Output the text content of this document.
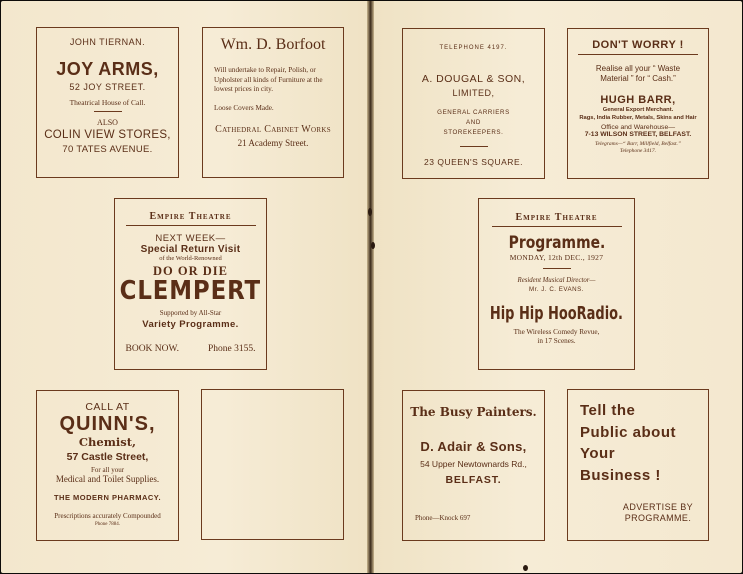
JOHN TIERNAN.
JOY ARMS,
52 JOY STREET.
Theatrical House of Call.
ALSO
COLIN VIEW STORES,
70 TATES AVENUE.
Wm. D. Borfoot
Will undertake to Repair, Polish, or Upholster all kinds of Furniture at the lowest prices in city.
Loose Covers Made.
Cathedral Cabinet Works
21 Academy Street.
TELEPHONE 4197.
A. DOUGAL & SON,
LIMITED,
GENERAL CARRIERS
AND
STOREKEEPERS.
23 QUEEN'S SQUARE.
DON'T WORRY !
Realise all your “ Waste
Material ” for “ Cash.”
HUGH BARR,
General Export Merchant.
Rags, India Rubber, Metals, Skins and Hair
Office and Warehouse—
7-13 WILSON STREET, BELFAST.
Telegrams—“ Barr, Millfield, Belfast.”
Telephone 3417.
Empire Theatre
NEXT WEEK—
Special Return Visit
of the World-Renowned
DO OR DIE
CLEMPERT
Supported by All-Star
Variety Programme.
BOOK NOW.	Phone 3155.
Empire Theatre
Programme.
MONDAY, 12th DEC., 1927
Resident Musical Director—
Mr. J. C. EVANS.
Hip Hip HooRadio.
The Wireless Comedy Revue,
in 17 Scenes.
CALL AT
QUINN'S,
Chemist,
57 Castle Street,
For all your
Medical and Toilet Supplies.
THE MODERN PHARMACY.
Prescriptions accurately Compounded
Phone 7884.
The Busy Painters.
D. Adair & Sons,
54 Upper Newtownards Rd.,
BELFAST.
Phone—Knock 697
Tell the
Public about
Your
Business !
ADVERTISE BY
PROGRAMME.
